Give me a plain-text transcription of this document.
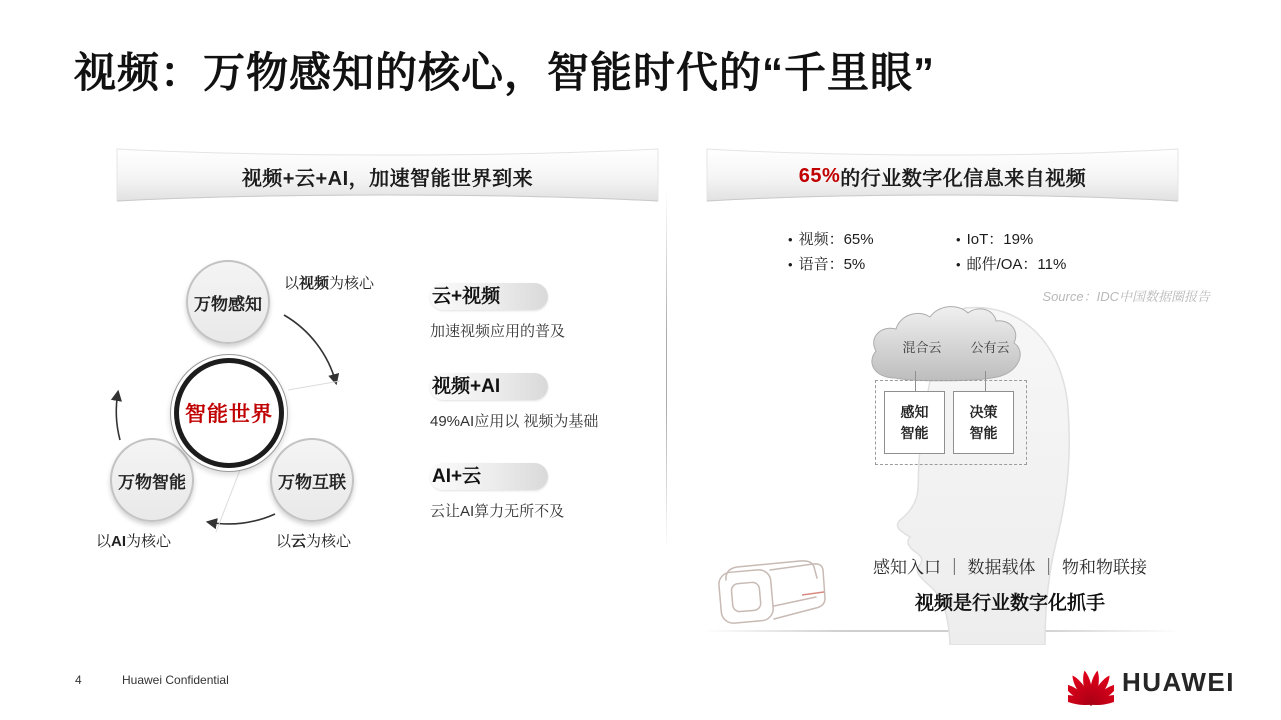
视频：万物感知的核心，智能时代的“千里眼”
视频+云+AI，加速智能世界到来	65% 的行业数字化信息来自视频
万物感知
万物智能	万物互联
智能世界
以视频为核心
以AI为核心	以云为核心
云+视频
加速视频应用的普及
视频+AI
49%AI应用以 视频为基础
AI+云
云让AI算力无所不及
• 视频：65%	• IoT：19%
• 语音：5%	• 邮件/OA：11%
Source：IDC中国数据圈报告
混合云	公有云
感知
智能
决策
智能
感知入口 ｜ 数据载体 ｜ 物和物联接
视频是行业数字化抓手
4	Huawei Confidential	HUAWEI
